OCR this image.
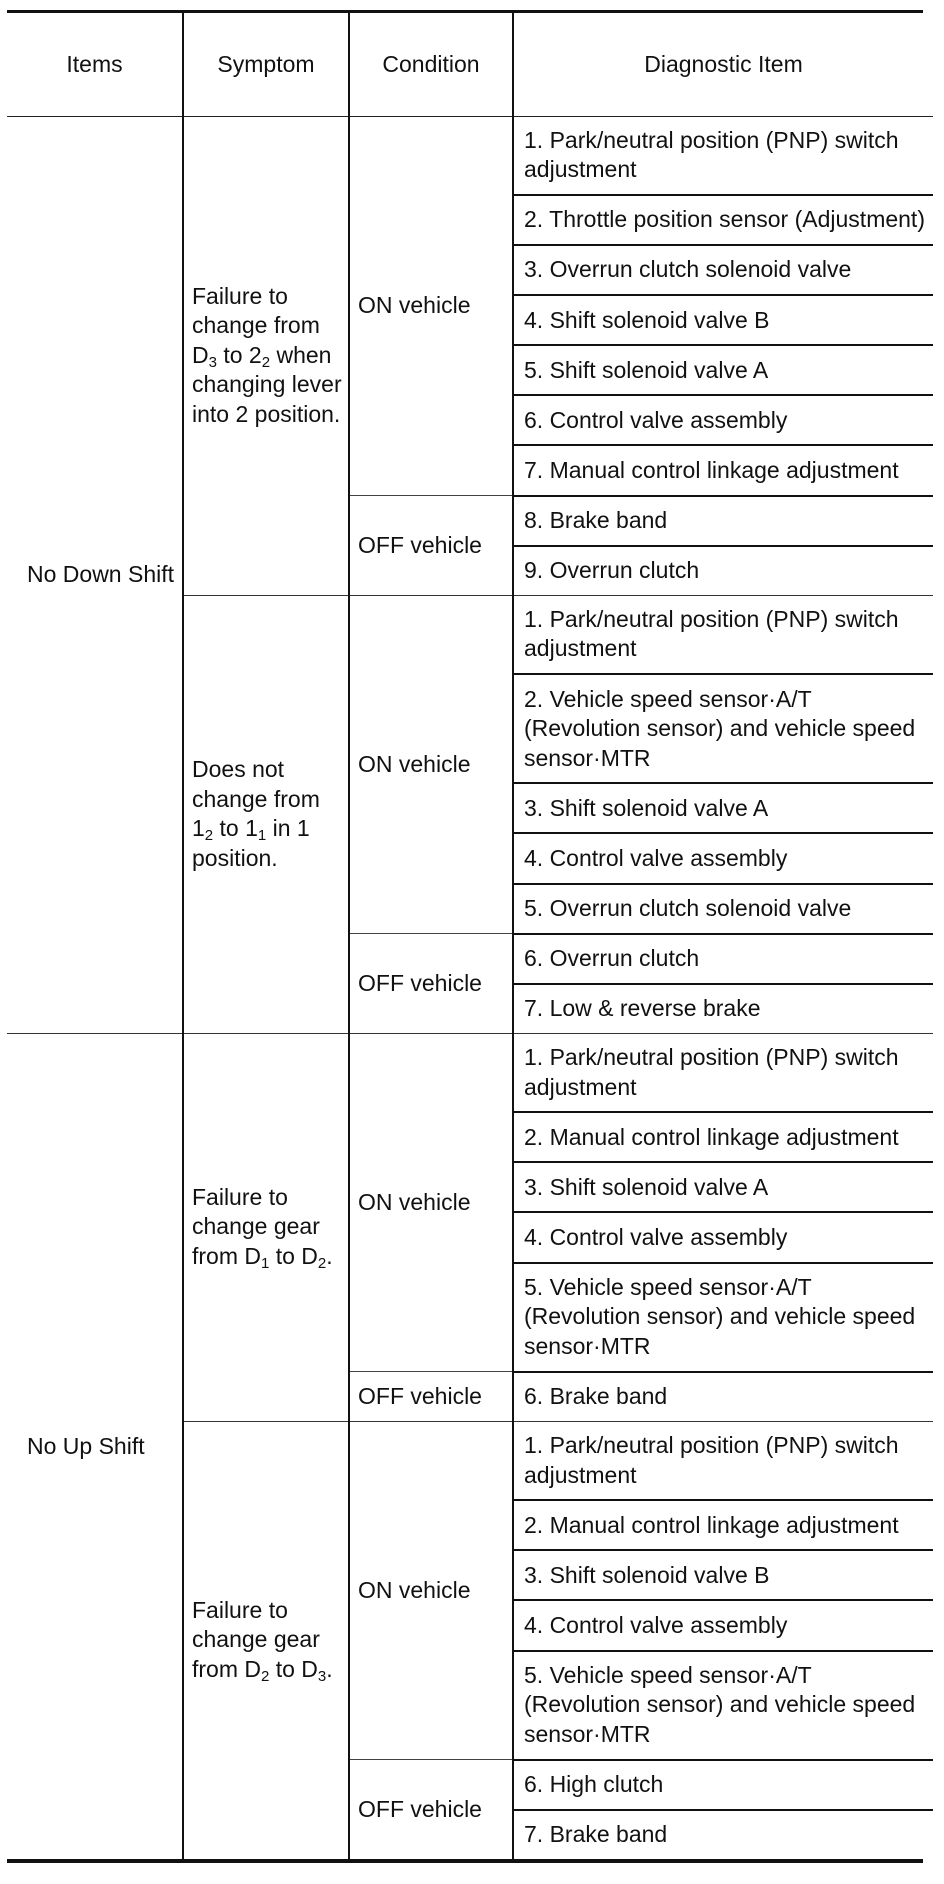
Items	Symptom	Condition	Diagnostic Item
No Down Shift	Failure to change from $D_3$ to $2_2$ when changing lever into 2 position.	ON vehicle	1. Park/neutral position (PNP) switch adjustment
			2. Throttle position sensor (Adjustment)
			3. Overrun clutch solenoid valve
			4. Shift solenoid valve B
			5. Shift solenoid valve A
			6. Control valve assembly
			7. Manual control linkage adjustment
		OFF vehicle	8. Brake band
			9. Overrun clutch
	Does not change from $1_2$ to $1_1$ in 1 position.	ON vehicle	1. Park/neutral position (PNP) switch adjustment
			2. Vehicle speed sensor·A/T (Revolution sensor) and vehicle speed sensor·MTR
			3. Shift solenoid valve A
			4. Control valve assembly
			5. Overrun clutch solenoid valve
		OFF vehicle	6. Overrun clutch
			7. Low & reverse brake
No Up Shift	Failure to change gear from $D_1$ to $D_2$.	ON vehicle	1. Park/neutral position (PNP) switch adjustment
			2. Manual control linkage adjustment
			3. Shift solenoid valve A
			4. Control valve assembly
			5. Vehicle speed sensor·A/T (Revolution sensor) and vehicle speed sensor·MTR
		OFF vehicle	6. Brake band
	Failure to change gear from $D_2$ to $D_3$.	ON vehicle	1. Park/neutral position (PNP) switch adjustment
			2. Manual control linkage adjustment
			3. Shift solenoid valve B
			4. Control valve assembly
			5. Vehicle speed sensor·A/T (Revolution sensor) and vehicle speed sensor·MTR
		OFF vehicle	6. High clutch
			7. Brake band
